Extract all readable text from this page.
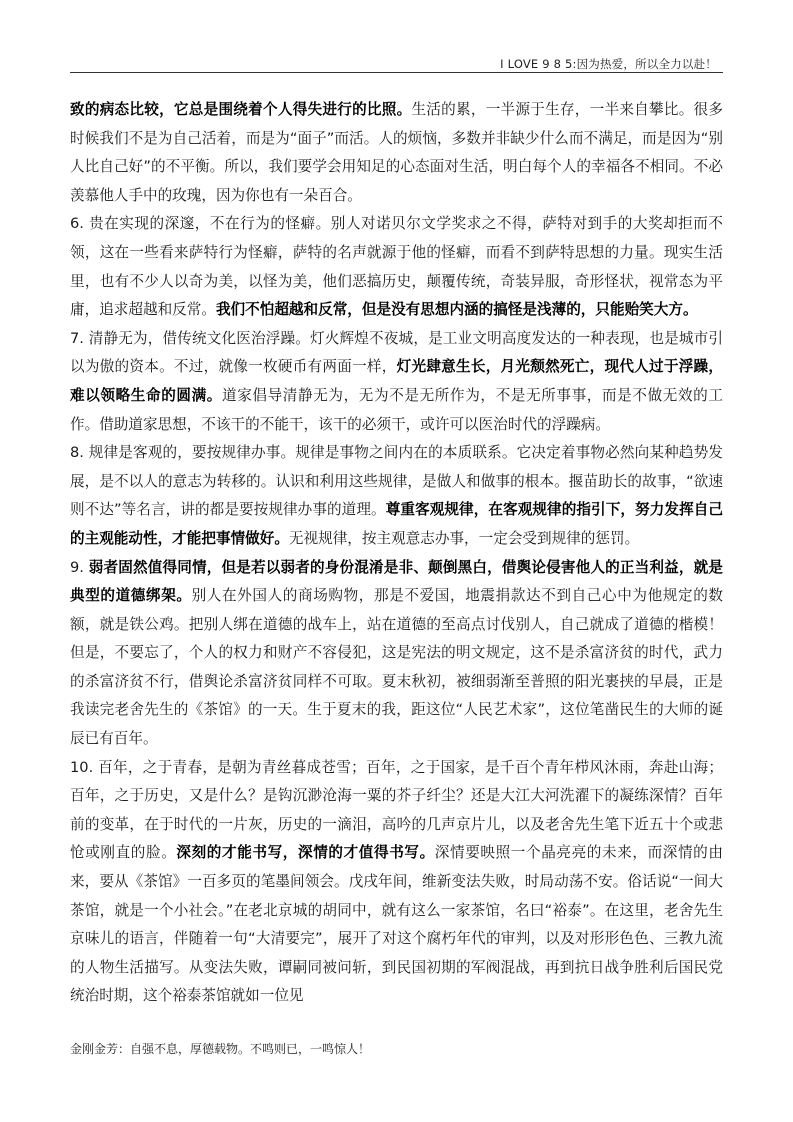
I LOVE 9 8 5:因为热爱，所以全力以赴！

致的病态比较，它总是围绕着个人得失进行的比照。生活的累，一半源于生存，一半来自攀比。很多时候我们不是为自己活着，而是为“面子”而活。人的烦恼，多数并非缺少什么而不满足，而是因为“别人比自己好”的不平衡。所以，我们要学会用知足的心态面对生活，明白每个人的幸福各不相同。不必羡慕他人手中的玫瑰，因为你也有一朵百合。

6. 贵在实现的深邃，不在行为的怪癖。别人对诺贝尔文学奖求之不得，萨特对到手的大奖却拒而不领，这在一些看来萨特行为怪癖，萨特的名声就源于他的怪癖，而看不到萨特思想的力量。现实生活里，也有不少人以奇为美，以怪为美，他们恶搞历史，颠覆传统，奇装异服，奇形怪状，视常态为平庸，追求超越和反常。我们不怕超越和反常，但是没有思想内涵的搞怪是浅薄的，只能贻笑大方。

7. 清静无为，借传统文化医治浮躁。灯火辉煌不夜城，是工业文明高度发达的一种表现，也是城市引以为傲的资本。不过，就像一枚硬币有两面一样，灯光肆意生长，月光颓然死亡，现代人过于浮躁，难以领略生命的圆满。道家倡导清静无为，无为不是无所作为，不是无所事事，而是不做无效的工作。借助道家思想，不该干的不能干，该干的必须干，或许可以医治时代的浮躁病。

8. 规律是客观的，要按规律办事。规律是事物之间内在的本质联系。它决定着事物必然向某种趋势发展，是不以人的意志为转移的。认识和利用这些规律，是做人和做事的根本。揠苗助长的故事，“欲速则不达”等名言，讲的都是要按规律办事的道理。尊重客观规律，在客观规律的指引下，努力发挥自己的主观能动性，才能把事情做好。无视规律，按主观意志办事，一定会受到规律的惩罚。

9. 弱者固然值得同情，但是若以弱者的身份混淆是非、颠倒黑白，借舆论侵害他人的正当利益，就是典型的道德绑架。别人在外国人的商场购物，那是不爱国，地震捐款达不到自己心中为他规定的数额，就是铁公鸡。把别人绑在道德的战车上，站在道德的至高点讨伐别人，自己就成了道德的楷模！但是，不要忘了，个人的权力和财产不容侵犯，这是宪法的明文规定，这不是杀富济贫的时代，武力的杀富济贫不行，借舆论杀富济贫同样不可取。夏末秋初，被细弱渐至普照的阳光裹挟的早晨，正是我读完老舍先生的《茶馆》的一天。生于夏末的我，距这位“人民艺术家”，这位笔凿民生的大师的诞辰已有百年。

10. 百年，之于青春，是朝为青丝暮成苍雪；百年，之于国家，是千百个青年栉风沐雨，奔赴山海；百年，之于历史，又是什么？是钩沉渺沧海一粟的芥子纤尘？还是大江大河洗濯下的凝练深情？百年前的变革，在于时代的一片灰，历史的一滴泪，高吟的几声京片儿，以及老舍先生笔下近五十个或悲怆或刚直的脸。深刻的才能书写，深情的才值得书写。深情要映照一个晶亮亮的未来，而深情的由来，要从《茶馆》一百多页的笔墨间领会。戊戌年间，维新变法失败，时局动荡不安。俗话说“一间大茶馆，就是一个小社会。”在老北京城的胡同中，就有这么一家茶馆，名曰“裕泰”。在这里，老舍先生京味儿的语言，伴随着一句“大清要完”，展开了对这个腐朽年代的审判，以及对形形色色、三教九流的人物生活描写。从变法失败，谭嗣同被问斩，到民国初期的军阀混战，再到抗日战争胜利后国民党统治时期，这个裕泰茶馆就如一位见

金刚金芳：自强不息，厚德载物。不鸣则已，一鸣惊人！
